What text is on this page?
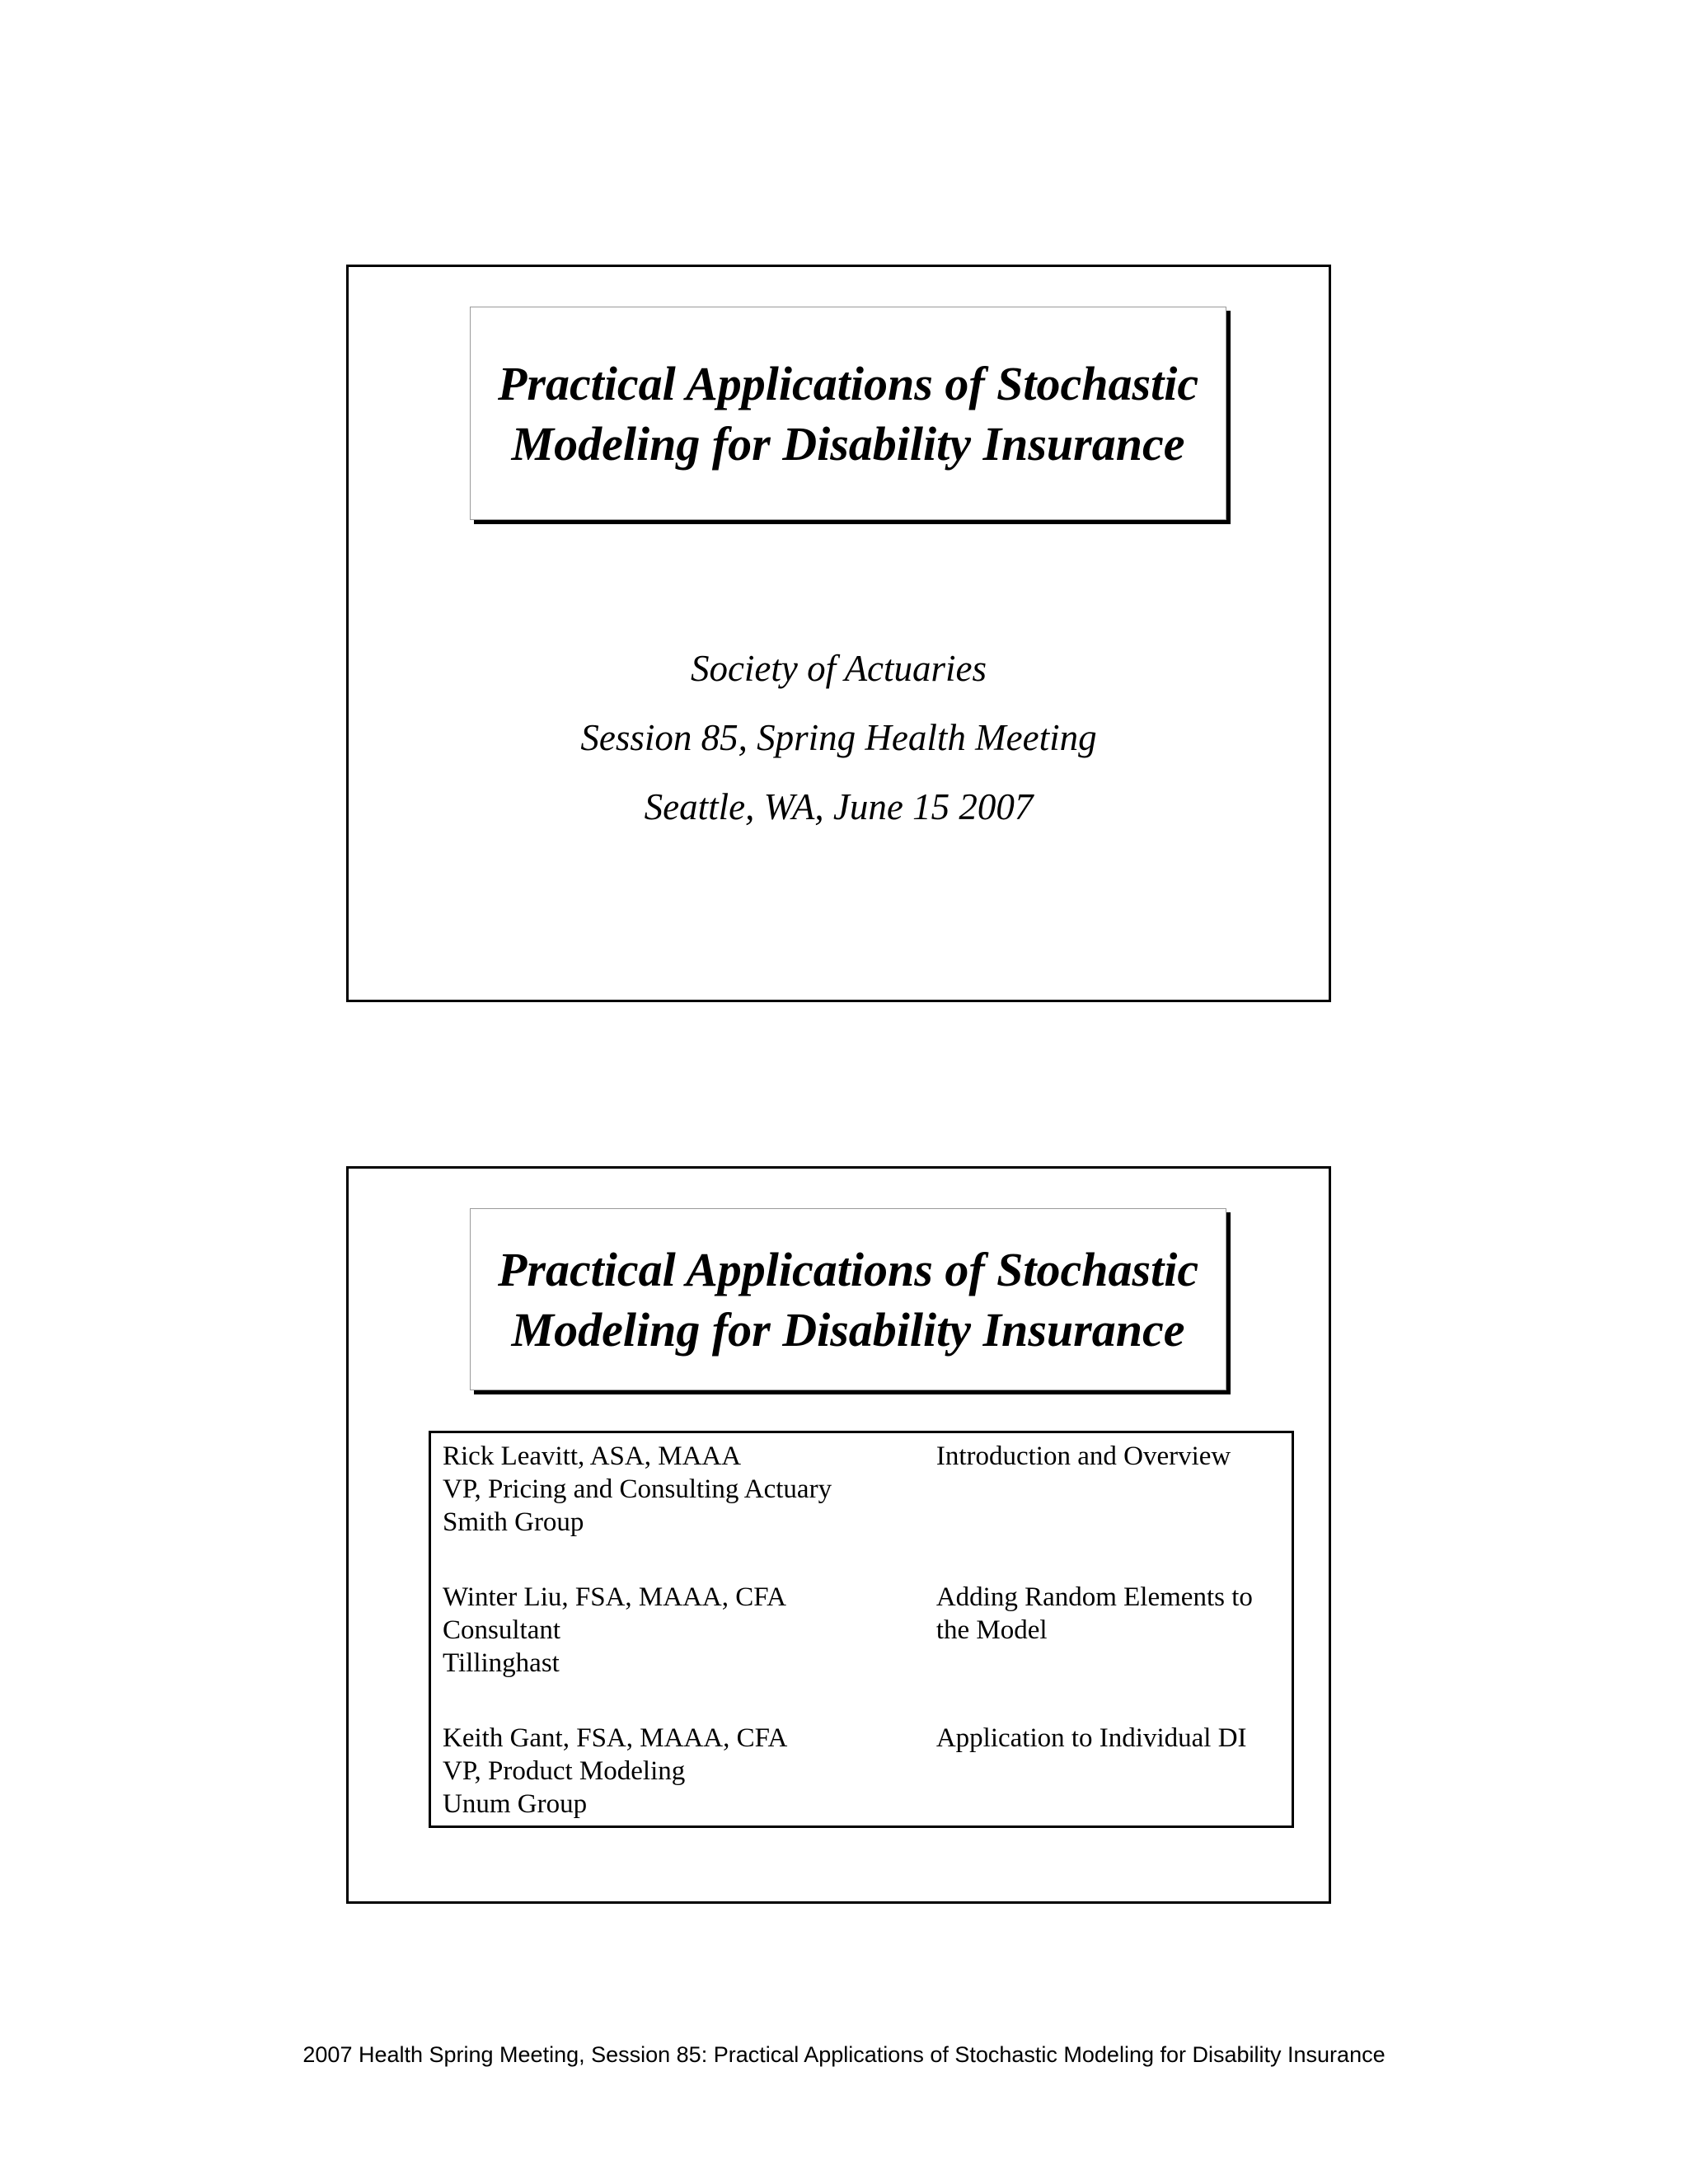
Practical Applications of Stochastic
Modeling for Disability Insurance
Society of Actuaries
Session 85, Spring Health Meeting
Seattle, WA, June 15 2007
Practical Applications of Stochastic
Modeling for Disability Insurance
Rick Leavitt, ASA, MAAA
VP, Pricing and Consulting Actuary
Smith Group
Introduction and Overview
Winter Liu, FSA, MAAA, CFA
Consultant
Tillinghast
Adding Random Elements to the Model
Keith Gant, FSA, MAAA, CFA
VP, Product Modeling
Unum Group
Application to Individual DI
2007 Health Spring Meeting, Session 85: Practical Applications of Stochastic Modeling for Disability Insurance
